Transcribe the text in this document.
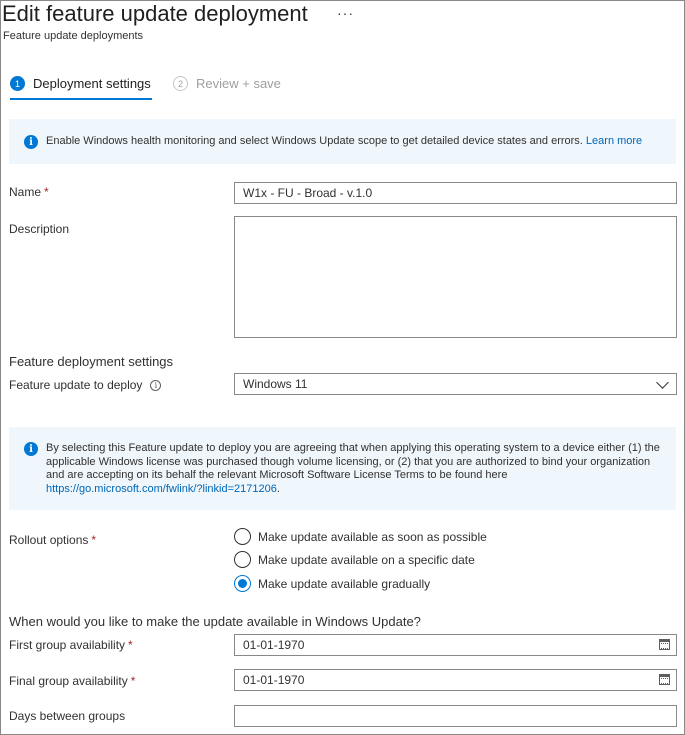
Edit feature update deployment ···
Feature update deployments
1	Deployment settings	2	Review + save
i	Enable Windows health monitoring and select Windows Update scope to get detailed device states and errors. Learn more
Name *	W1x - FU - Broad - v.1.0
Description
Feature deployment settings
Feature update to deploy i	Windows 11
i	By selecting this Feature update to deploy you are agreeing that when applying this operating system to a device either (1) the applicable Windows license was purchased though volume licensing, or (2) that you are authorized to bind your organization and are accepting on its behalf the relevant Microsoft Software License Terms to be found here https://go.microsoft.com/fwlink/?linkid=2171206.
Rollout options *	Make update available as soon as possible
Make update available on a specific date
Make update available gradually
When would you like to make the update available in Windows Update?
First group availability *	01-01-1970
Final group availability *	01-01-1970
Days between groups
